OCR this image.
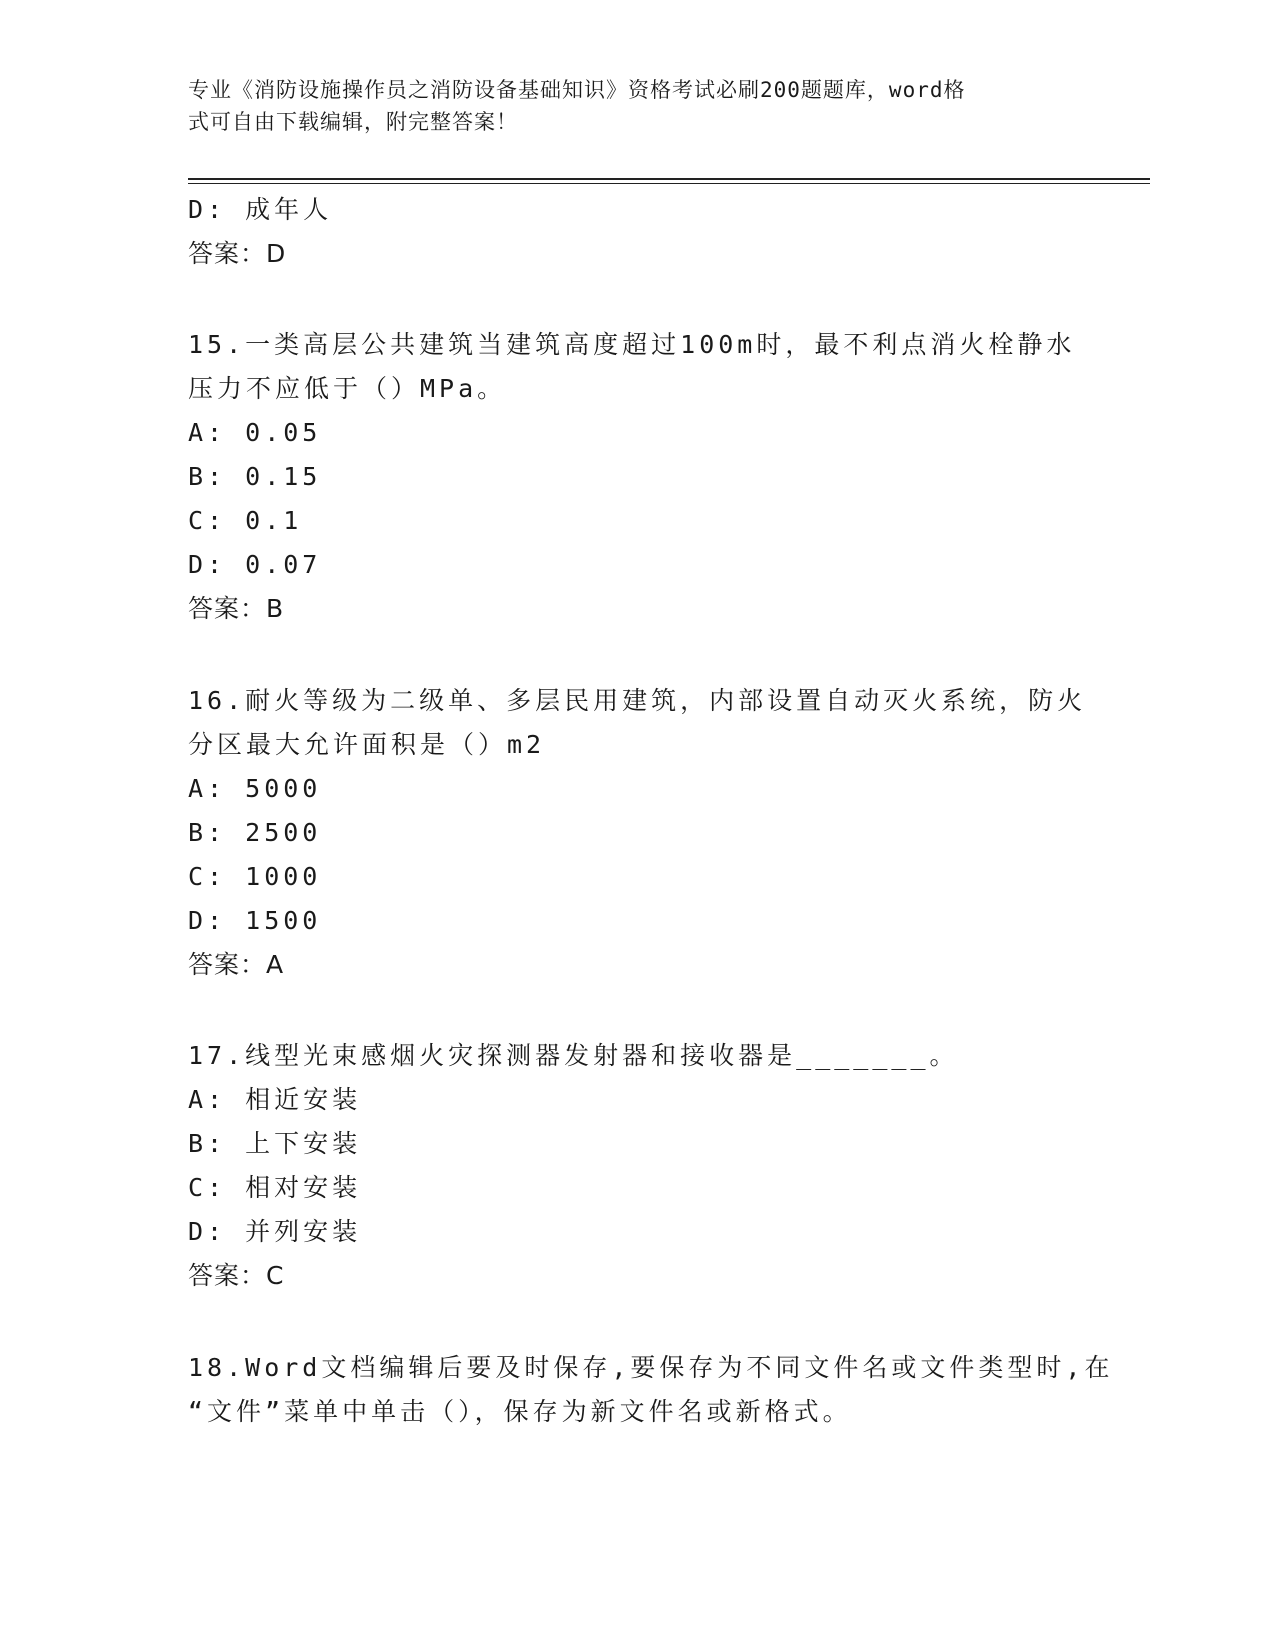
专业《消防设施操作员之消防设备基础知识》资格考试必刷200题题库，word格
式可自由下载编辑，附完整答案！
D: 成年人
答案：D
15.一类高层公共建筑当建筑高度超过100m时，最不利点消火栓静水
压力不应低于（）MPa。
A: 0.05
B: 0.15
C: 0.1
D: 0.07
答案：B
16.耐火等级为二级单、多层民用建筑，内部设置自动灭火系统，防火
分区最大允许面积是（）m2
A: 5000
B: 2500
C: 1000
D: 1500
答案：A
17.线型光束感烟火灾探测器发射器和接收器是_______。
A: 相近安装
B: 上下安装
C: 相对安装
D: 并列安装
答案：C
18.Word文档编辑后要及时保存,要保存为不同文件名或文件类型时,在
“文件”菜单中单击（），保存为新文件名或新格式。
